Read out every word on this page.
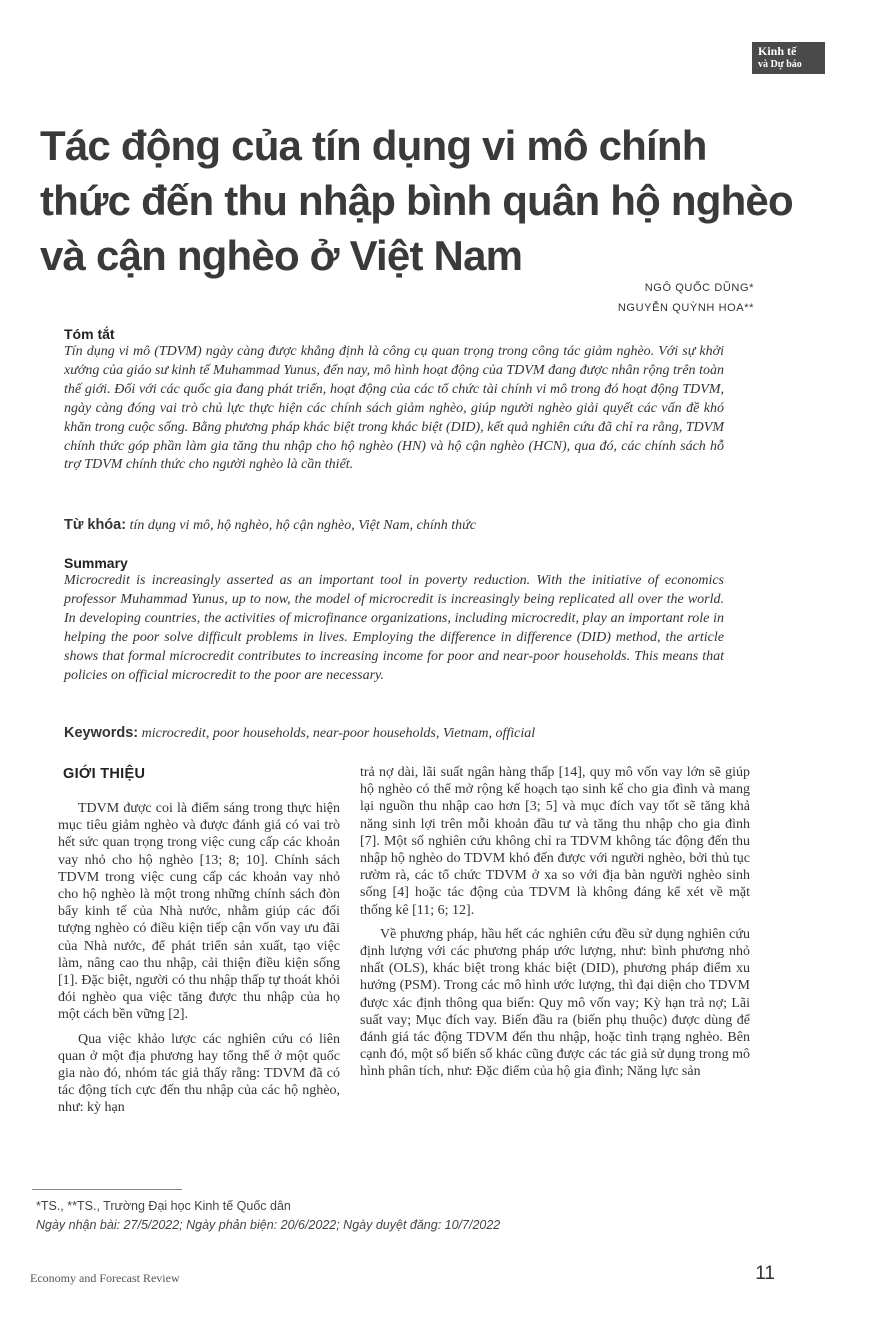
Kinh tế
và Dự báo
Tác động của tín dụng vi mô chính
thức đến thu nhập bình quân hộ nghèo
và cận nghèo ở Việt Nam
NGÔ QUỐC DŨNG*
NGUYỄN QUỲNH HOA**
Tóm tắt
Tín dụng vi mô (TDVM) ngày càng được khẳng định là công cụ quan trọng trong công tác giảm nghèo. Với sự khởi xướng của giáo sư kinh tế Muhammad Yunus, đến nay, mô hình hoạt động của TDVM đang được nhân rộng trên toàn thế giới. Đối với các quốc gia đang phát triển, hoạt động của các tổ chức tài chính vi mô trong đó hoạt động TDVM, ngày càng đóng vai trò chủ lực thực hiện các chính sách giảm nghèo, giúp người nghèo giải quyết các vấn đề khó khăn trong cuộc sống. Bằng phương pháp khác biệt trong khác biệt (DID), kết quả nghiên cứu đã chỉ ra rằng, TDVM chính thức góp phần làm gia tăng thu nhập cho hộ nghèo (HN) và hộ cận nghèo (HCN), qua đó, các chính sách hỗ trợ TDVM chính thức cho người nghèo là cần thiết.
Từ khóa: tín dụng vi mô, hộ nghèo, hộ cận nghèo, Việt Nam, chính thức
Summary
Microcredit is increasingly asserted as an important tool in poverty reduction. With the initiative of economics professor Muhammad Yunus, up to now, the model of microcredit is increasingly being replicated all over the world. In developing countries, the activities of microfinance organizations, including microcredit, play an important role in helping the poor solve difficult problems in lives. Employing the difference in difference (DID) method, the article shows that formal microcredit contributes to increasing income for poor and near-poor households. This means that policies on official microcredit to the poor are necessary.
Keywords: microcredit, poor households, near-poor households, Vietnam, official
GIỚI THIỆU

TDVM được coi là điểm sáng trong thực hiện mục tiêu giảm nghèo và được đánh giá có vai trò hết sức quan trọng trong việc cung cấp các khoản vay nhỏ cho hộ nghèo [13; 8; 10]. Chính sách TDVM trong việc cung cấp các khoản vay nhỏ cho hộ nghèo là một trong những chính sách đòn bẩy kinh tế của Nhà nước, nhằm giúp các đối tượng nghèo có điều kiện tiếp cận vốn vay ưu đãi của Nhà nước, để phát triển sản xuất, tạo việc làm, nâng cao thu nhập, cải thiện điều kiện sống [1]. Đặc biệt, người có thu nhập thấp tự thoát khỏi đói nghèo qua việc tăng được thu nhập của họ một cách bền vững [2].

Qua việc khảo lược các nghiên cứu có liên quan ở một địa phương hay tổng thể ở một quốc gia nào đó, nhóm tác giả thấy rằng: TDVM đã có tác động tích cực đến thu nhập của các hộ nghèo, như: kỳ hạn

trả nợ dài, lãi suất ngân hàng thấp [14], quy mô vốn vay lớn sẽ giúp hộ nghèo có thể mở rộng kế hoạch tạo sinh kế cho gia đình và mang lại nguồn thu nhập cao hơn [3; 5] và mục đích vay tốt sẽ tăng khả năng sinh lợi trên mỗi khoản đầu tư và tăng thu nhập cho gia đình [7]. Một số nghiên cứu không chỉ ra TDVM không tác động đến thu nhập hộ nghèo do TDVM khó đến được với người nghèo, bởi thủ tục rườm rà, các tổ chức TDVM ở xa so với địa bàn người nghèo sinh sống [4] hoặc tác động của TDVM là không đáng kể xét về mặt thống kê [11; 6; 12].

Về phương pháp, hầu hết các nghiên cứu đều sử dụng nghiên cứu định lượng với các phương pháp ước lượng, như: bình phương nhỏ nhất (OLS), khác biệt trong khác biệt (DID), phương pháp điểm xu hướng (PSM). Trong các mô hình ước lượng, thì đại diện cho TDVM được xác định thông qua biến: Quy mô vốn vay; Kỳ hạn trả nợ; Lãi suất vay; Mục đích vay. Biến đầu ra (biến phụ thuộc) được dùng để đánh giá tác động TDVM đến thu nhập, hoặc tình trạng nghèo. Bên cạnh đó, một số biến số khác cũng được các tác giả sử dụng trong mô hình phân tích, như: Đặc điểm của hộ gia đình; Năng lực sản

*TS., **TS., Trường Đại học Kinh tế Quốc dân
Ngày nhận bài: 27/5/2022; Ngày phản biện: 20/6/2022; Ngày duyệt đăng: 10/7/2022
Economy and Forecast Review	11
